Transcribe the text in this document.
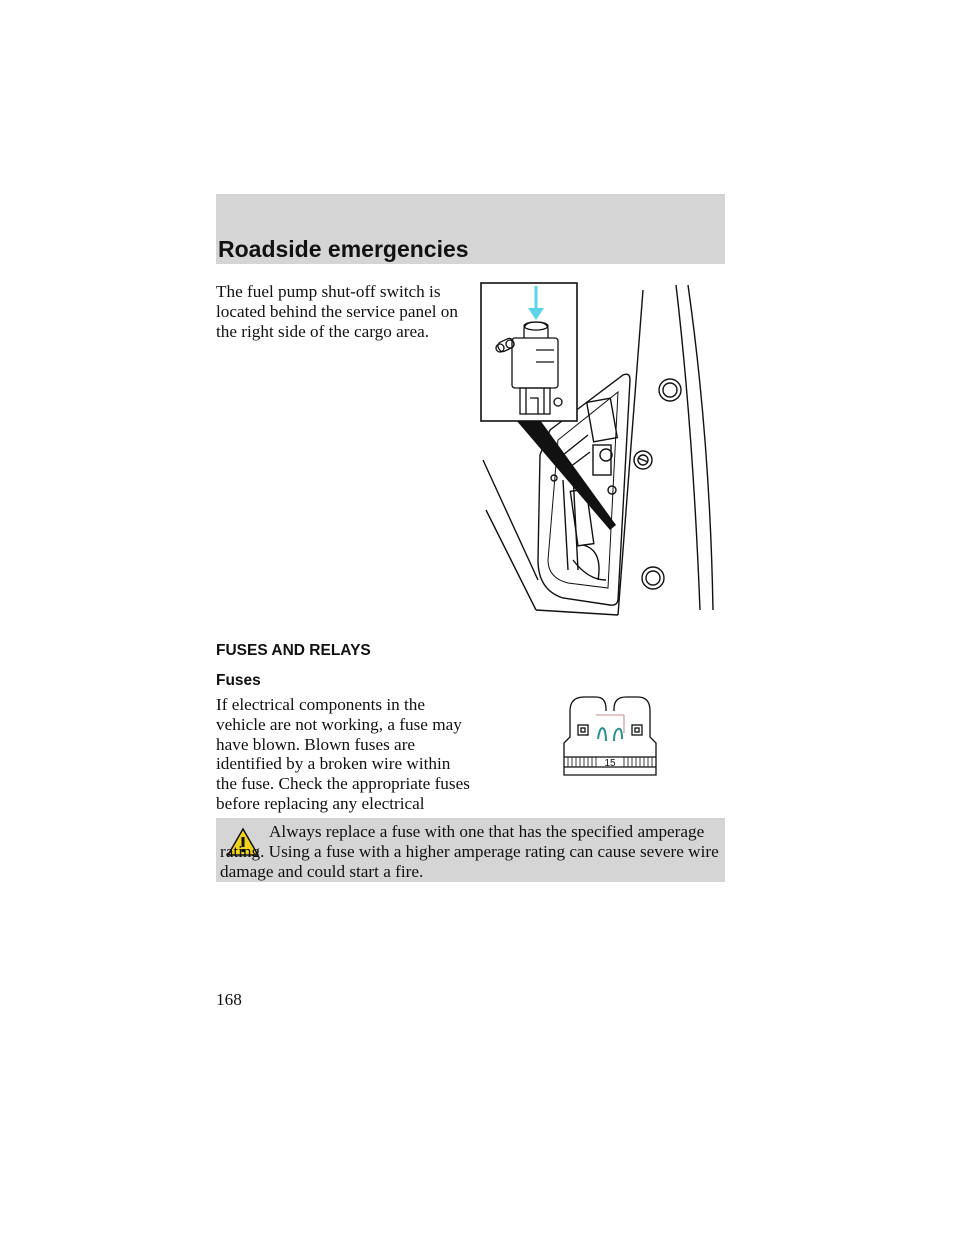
Roadside emergencies
The fuel pump shut-off switch is located behind the service panel on the right side of the cargo area.
FUSES AND RELAYS
Fuses
If electrical components in the vehicle are not working, a fuse may have blown. Blown fuses are identified by a broken wire within the fuse. Check the appropriate fuses before replacing any electrical
15
Always replace a fuse with one that has the specified amperage rating. Using a fuse with a higher amperage rating can cause severe wire damage and could start a fire.
168
